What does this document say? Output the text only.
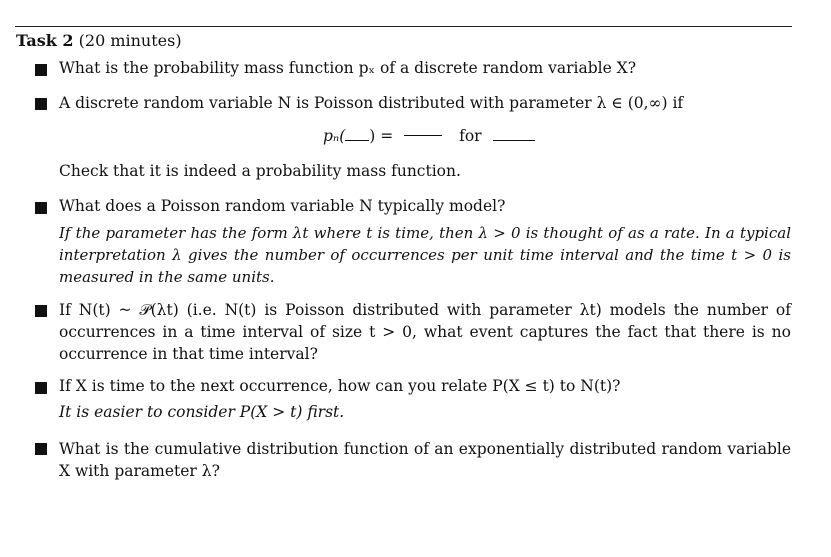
Task 2 (20 minutes)
What is the probability mass function pₓ of a discrete random variable X?
A discrete random variable N is Poisson distributed with parameter λ ∈ (0,∞) if
pₙ( ) =	for
Check that it is indeed a probability mass function.
What does a Poisson random variable N typically model?
If the parameter has the form λt where t is time, then λ > 0 is thought of as a rate. In a typical interpretation λ gives the number of occurrences per unit time interval and the time t > 0 is measured in the same units.
If N(t) ~ 𝒫(λt) (i.e. N(t) is Poisson distributed with parameter λt) models the number of occurrences in a time interval of size t > 0, what event captures the fact that there is no occurrence in that time interval?
If X is time to the next occurrence, how can you relate P(X ≤ t) to N(t)?
It is easier to consider P(X > t) first.
What is the cumulative distribution function of an exponentially distributed random variable X with parameter λ?
